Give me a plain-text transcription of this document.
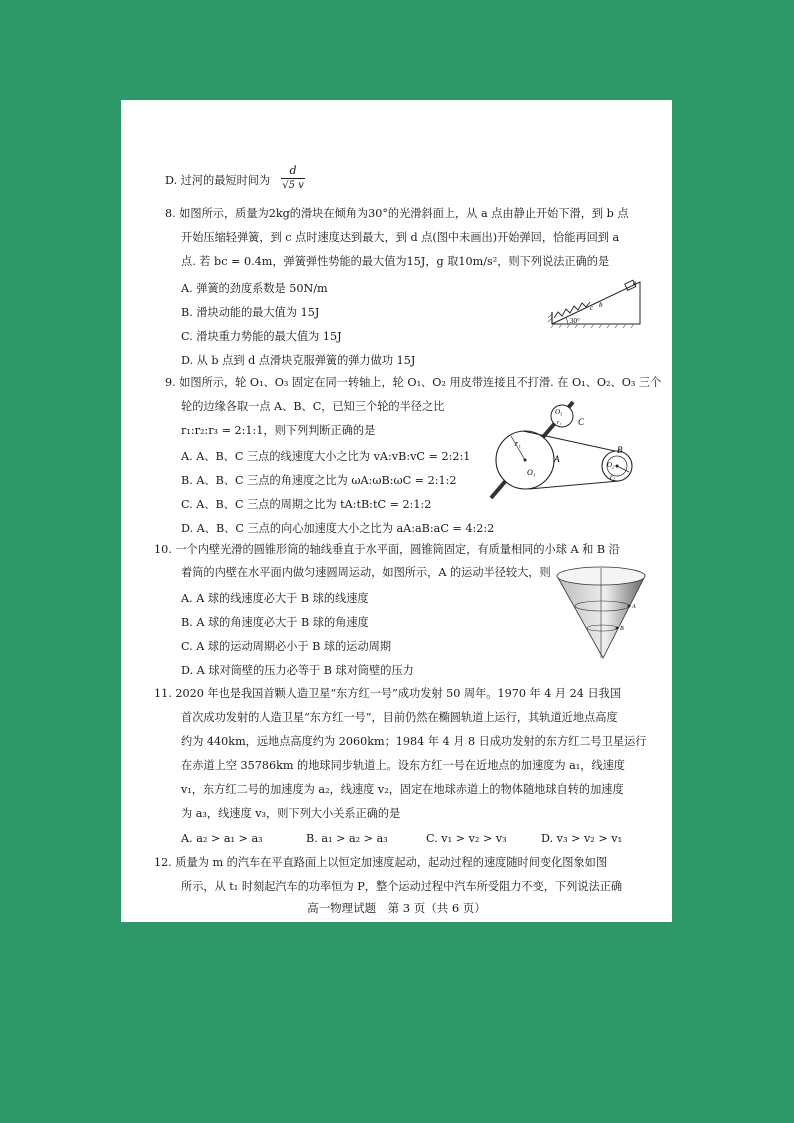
D. 过河的最短时间为
d
√5 v
8. 如图所示，质量为2kg的滑块在倾角为30°的光滑斜面上，从 a 点由静止开始下滑，到 b 点
开始压缩轻弹簧，到 c 点时速度达到最大，到 d 点(图中未画出)开始弹回，恰能再回到 a
点. 若 bc = 0.4m，弹簧弹性势能的最大值为15J，g 取10m/s²，则下列说法正确的是
A. 弹簧的劲度系数是 50N/m
B. 滑块动能的最大值为 15J
C. 滑块重力势能的最大值为 15J
D. 从 b 点到 d 点滑块克服弹簧的弹力做功 15J
a
b
c
30°
9. 如图所示，轮 O₁、O₃ 固定在同一转轴上，轮 O₁、O₂ 用皮带连接且不打滑. 在 O₁、O₂、O₃ 三个
轮的边缘各取一点 A、B、C，已知三个轮的半径之比
r₁:r₂:r₃ = 2:1:1，则下列判断正确的是
A. A、B、C 三点的线速度大小之比为 vA:vB:vC = 2:2:1
B. A、B、C 三点的角速度之比为 ωA:ωB:ωC = 2:1:2
C. A、B、C 三点的周期之比为 tA:tB:tC = 2:1:2
D. A、B、C 三点的向心加速度大小之比为 aA:aB:aC = 4:2:2
r₁
O₁
A
O₃
r₃ C
B
O₂
r₂
10. 一个内壁光滑的圆锥形筒的轴线垂直于水平面，圆锥筒固定，有质量相同的小球 A 和 B 沿
着筒的内壁在水平面内做匀速圆周运动，如图所示，A 的运动半径较大，则
A. A 球的线速度必大于 B 球的线速度
B. A 球的角速度必大于 B 球的角速度
C. A 球的运动周期必小于 B 球的运动周期
D. A 球对筒壁的压力必等于 B 球对筒壁的压力
A
B
11. 2020 年也是我国首颗人造卫星“东方红一号”成功发射 50 周年。1970 年 4 月 24 日我国
首次成功发射的人造卫星“东方红一号”，目前仍然在椭圆轨道上运行，其轨道近地点高度
约为 440km，远地点高度约为 2060km；1984 年 4 月 8 日成功发射的东方红二号卫星运行
在赤道上空 35786km 的地球同步轨道上。设东方红一号在近地点的加速度为 a₁，线速度
v₁，东方红二号的加速度为 a₂，线速度 v₂，固定在地球赤道上的物体随地球自转的加速度
为 a₃，线速度 v₃，则下列大小关系正确的是
A. a₂ > a₁ > a₃	B. a₁ > a₂ > a₃	C. v₁ > v₂ > v₃	D. v₃ > v₂ > v₁
12. 质量为 m 的汽车在平直路面上以恒定加速度起动，起动过程的速度随时间变化图象如图
所示，从 t₁ 时刻起汽车的功率恒为 P，整个运动过程中汽车所受阻力不变，下列说法正确
高一物理试题　第 3 页（共 6 页）
